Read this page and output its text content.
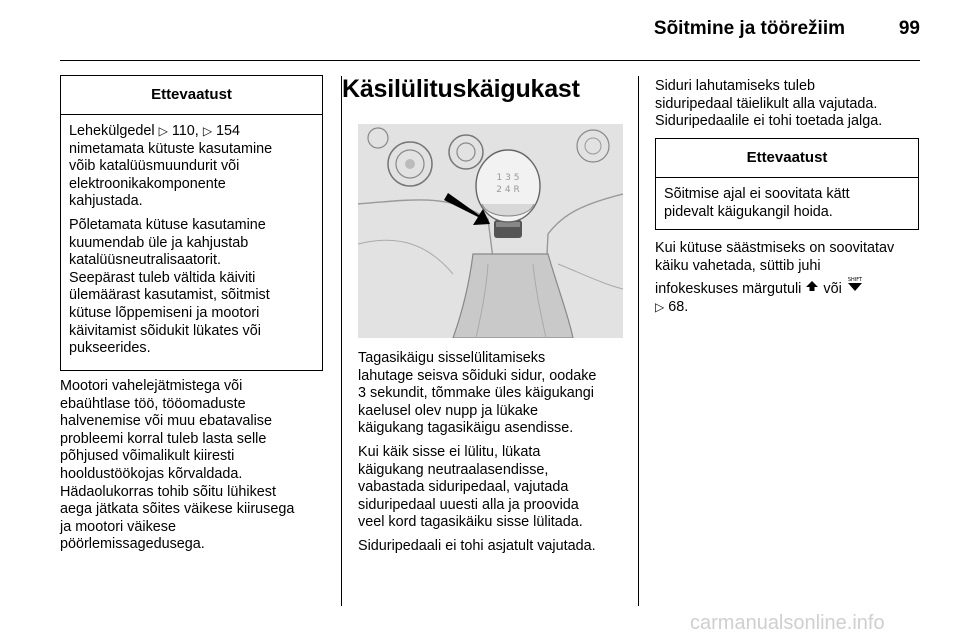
Sõitmine ja töörežiim	99
Ettevaatust

Lehekülgedel ▷ 110, ▷ 154
nimetamata kütuste kasutamine
võib katalüüsmuundurit või
elektroonikakomponente
kahjustada.

Põletamata kütuse kasutamine
kuumendab üle ja kahjustab
katalüüsneutralisaatorit.
Seepärast tuleb vältida käiviti
ülemäärast kasutamist, sõitmist
kütuse lõppemiseni ja mootori
käivitamist sõidukit lükates või
pukseerides.

Mootori vahelejätmistega või
ebaühtlase töö, tööomaduste
halvenemise või muu ebatavalise
probleemi korral tuleb lasta selle
põhjused võimalikult kiiresti
hooldustöökojas kõrvaldada.
Hädaolukorras tohib sõitu lühikest
aega jätkata sõites väikese kiirusega
ja mootori väikese
pöörlemissagedusega.

Käsilülituskäigukast
1 3 5
2 4 R

Tagasikäigu sisselülitamiseks
lahutage seisva sõiduki sidur, oodake
3 sekundit, tõmmake üles käigukangi
kaelusel olev nupp ja lükake
käigukang tagasikäigu asendisse.

Kui käik sisse ei lülitu, lükata
käigukang neutraalasendisse,
vabastada siduripedaal, vajutada
siduripedaal uuesti alla ja proovida
veel kord tagasikäiku sisse lülitada.

Siduripedaali ei tohi asjatult vajutada.

Siduri lahutamiseks tuleb
siduripedaal täielikult alla vajutada.
Siduripedaalile ei tohi toetada jalga.

Ettevaatust

Sõitmise ajal ei soovitata kätt
pidevalt käigukangil hoida.

Kui kütuse säästmiseks on soovitatav
käiku vahetada, süttib juhi
infokeskuses märgutuli või
SHIFT

▷ 68.

carmanualsonline.info
